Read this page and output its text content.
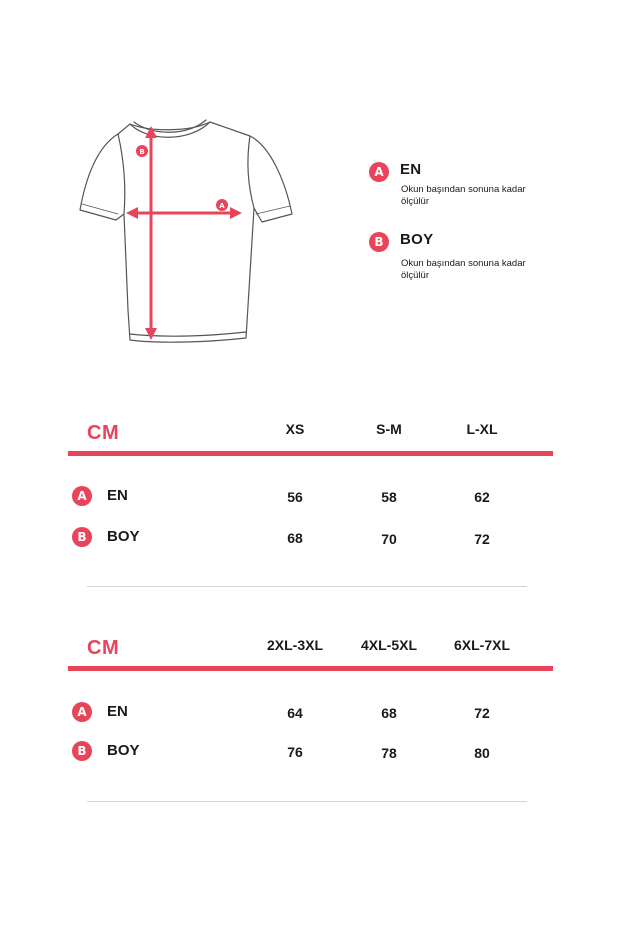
B
A
A	EN
Okun başından sonuna kadar ölçülür
B	BOY
Okun başından sonuna kadar ölçülür
CM	XS	S-M	L-XL
A	EN	56	58	62
B	BOY	68	70	72
CM	2XL-3XL	4XL-5XL	6XL-7XL
A	EN	64	68	72
B	BOY	76	78	80
